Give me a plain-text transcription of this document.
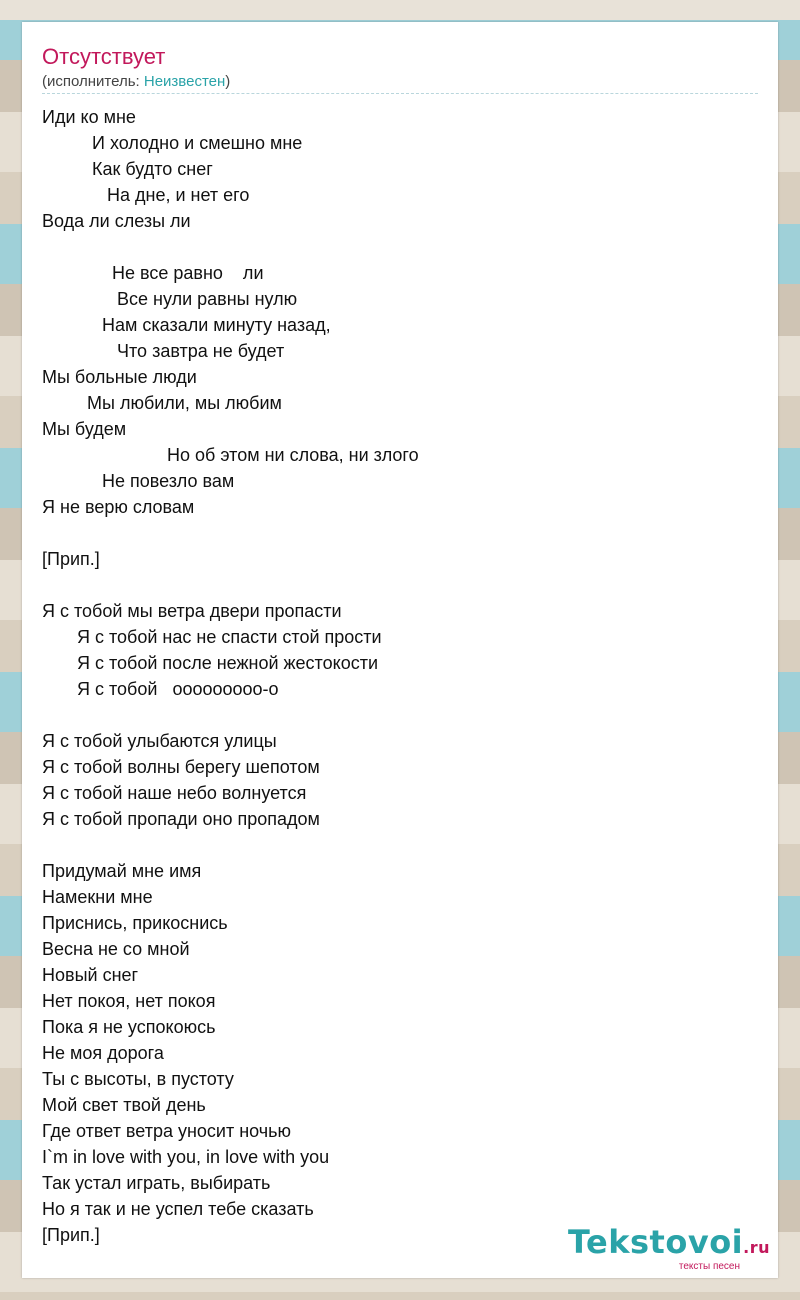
Отсутствует
(исполнитель: Неизвестен)
Иди ко мне
И холодно и смешно мне
Как будто снег
На дне, и нет его
Вода ли слезы ли
Не все равно    ли
Все нули равны нулю
Нам сказали минуту назад,
Что завтра не будет
Мы больные люди
Мы любили, мы любим
Мы будем
Но об этом ни слова, ни злого
Не повезло вам
Я не верю словам
[Прип.]
Я с тобой мы ветра двери пропасти
Я с тобой нас не спасти стой прости
Я с тобой после нежной жестокости
Я с тобой   ооооооооо-о
Я с тобой улыбаются улицы
Я с тобой волны берегу шепотом
Я с тобой наше небо волнуется
Я с тобой пропади оно пропадом
Придумай мне имя
Намекни мне
Приснись, прикоснись
Весна не со мной
Новый снег
Нет покоя, нет покоя
Пока я не успокоюсь
Не моя дорога
Ты с высоты, в пустоту
Мой свет твой день
Где ответ ветра уносит ночью
I`m in love with you, in love with you
Так устал играть, выбирать
Но я так и не успел тебе сказать
[Прип.]	Tekstovoi.ru
тексты песен
